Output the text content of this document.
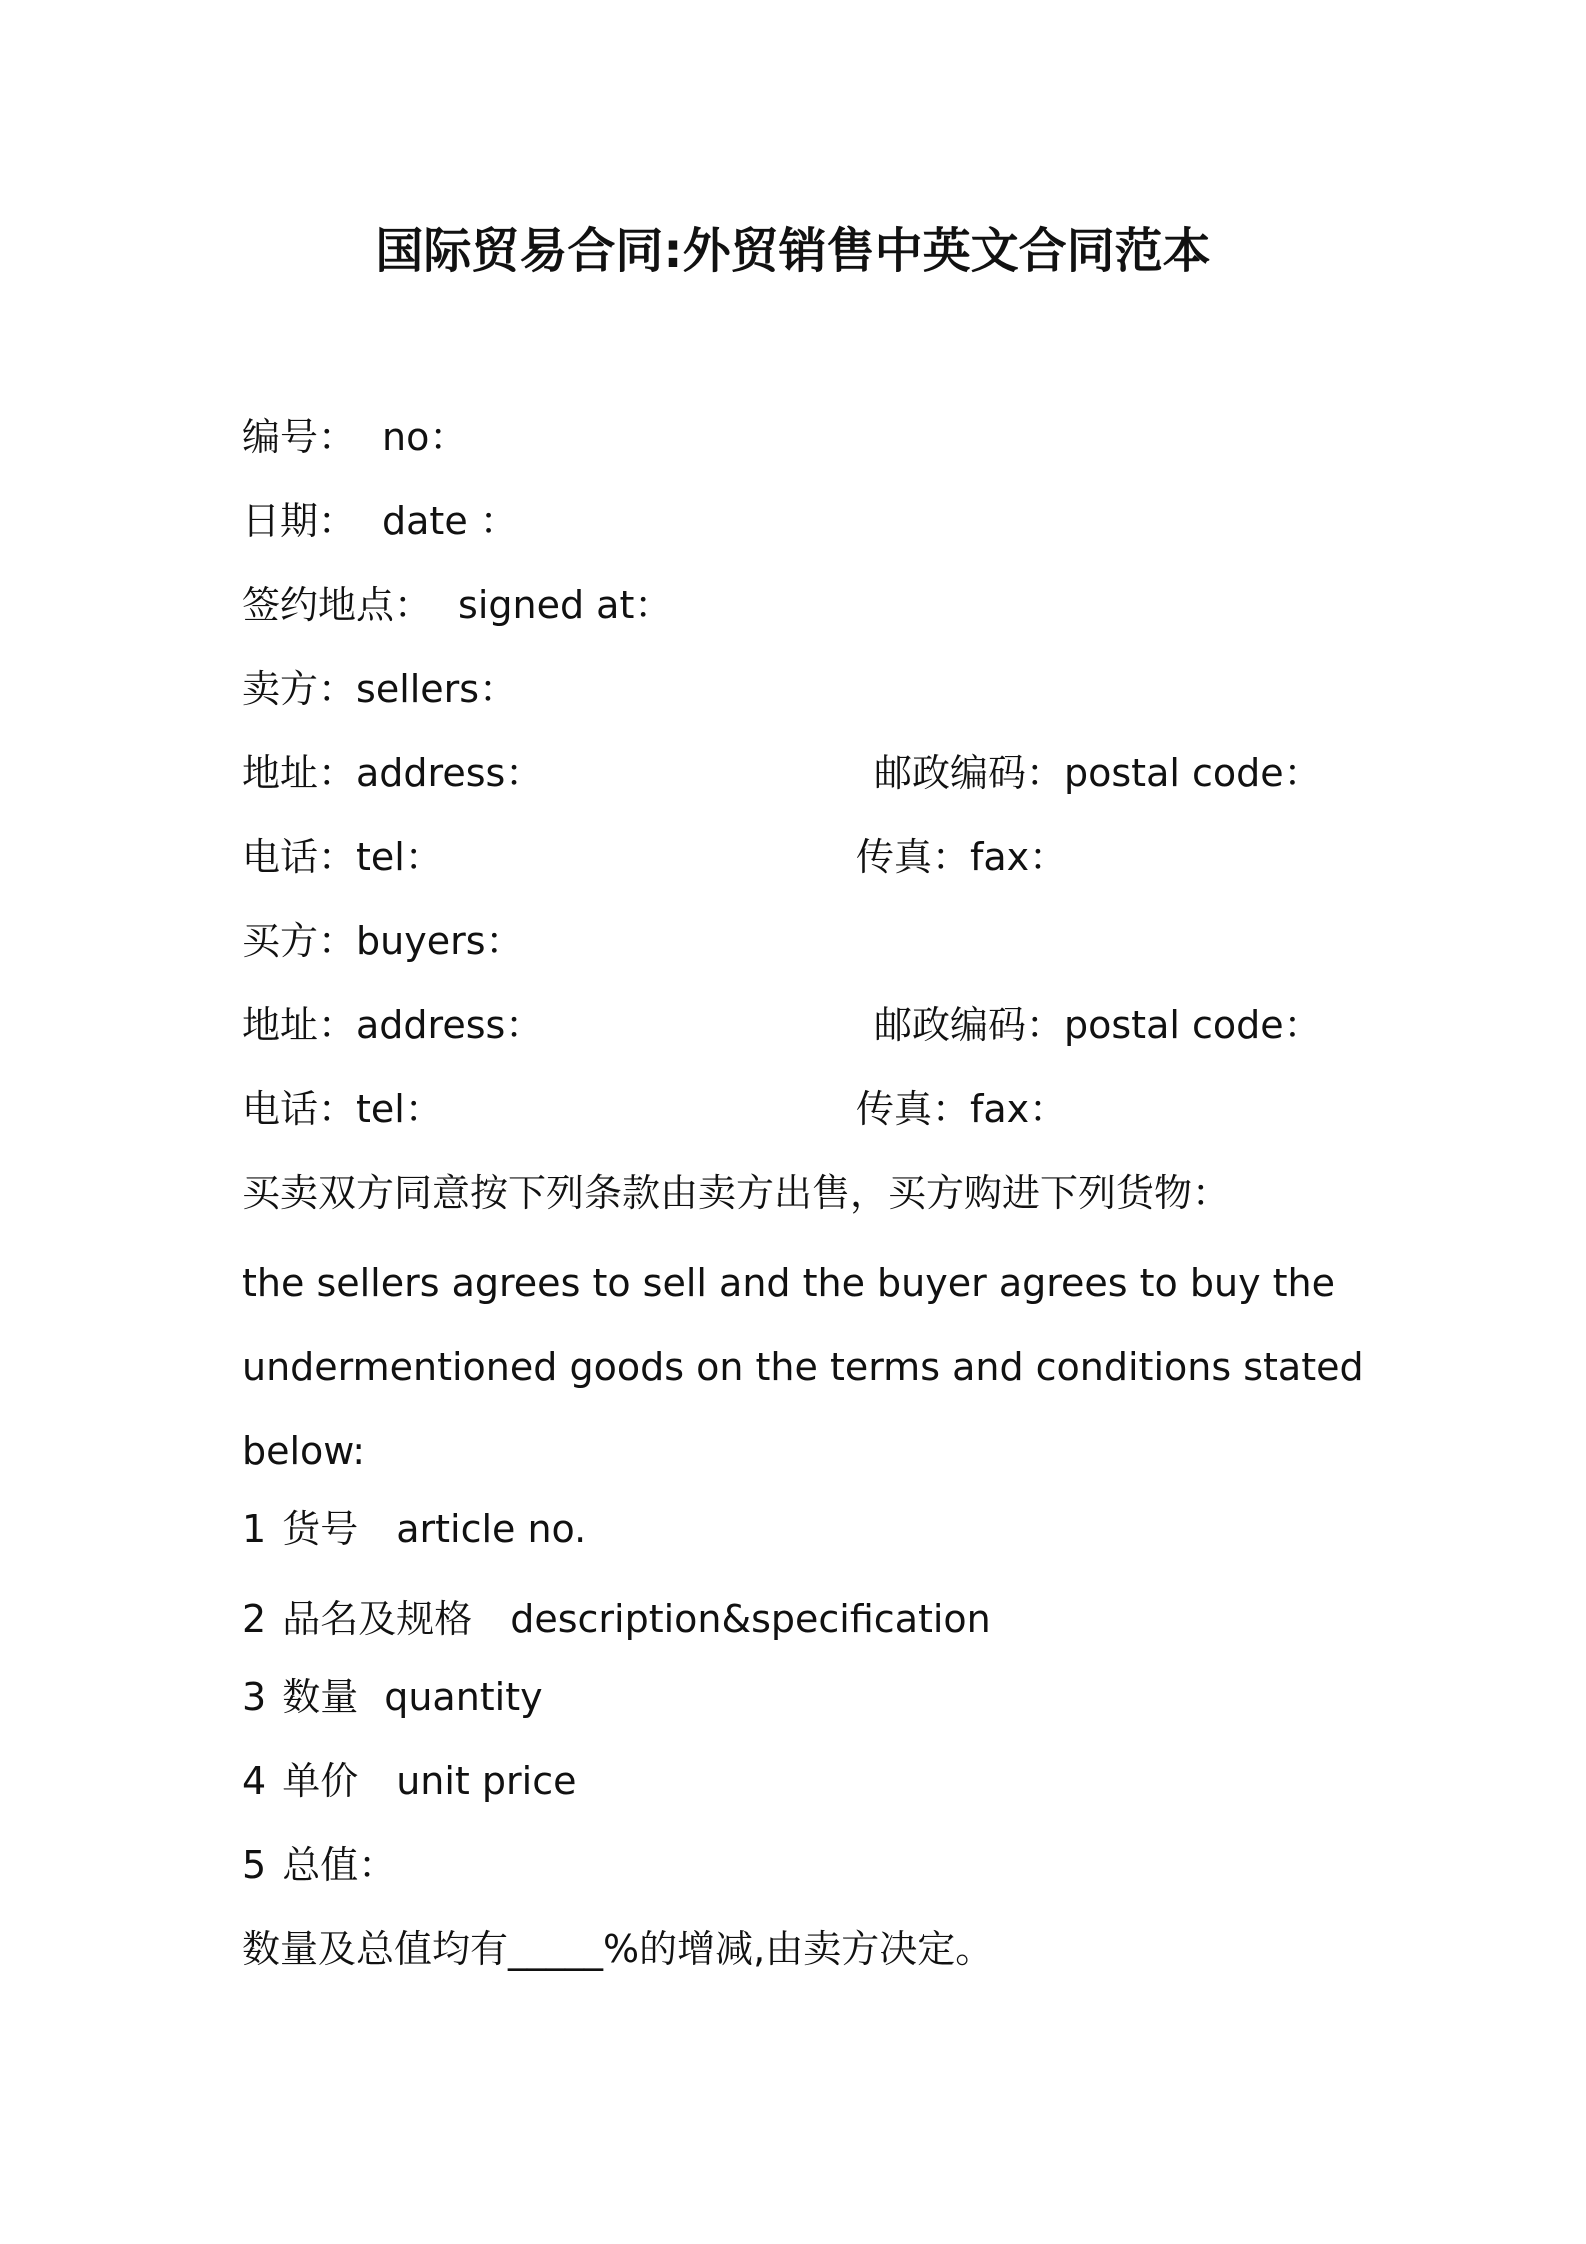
国际贸易合同:外贸销售中英文合同范本
编号： no：
日期： date ：
签约地点： signed at：
卖方：sellers：
地址：address：	邮政编码：postal code：
电话：tel：	传真：fax：
买方：buyers：
地址：address：	邮政编码：postal code：
电话：tel：	传真：fax：
买卖双方同意按下列条款由卖方出售，买方购进下列货物：
the sellers agrees to sell and the buyer agrees to buy the
undermentioned goods on the terms and conditions stated
below:
1 货号 article no.
2 品名及规格 description&specification
3 数量 quantity
4 单价 unit price
5 总值：
数量及总值均有_____%的增减,由卖方决定。
